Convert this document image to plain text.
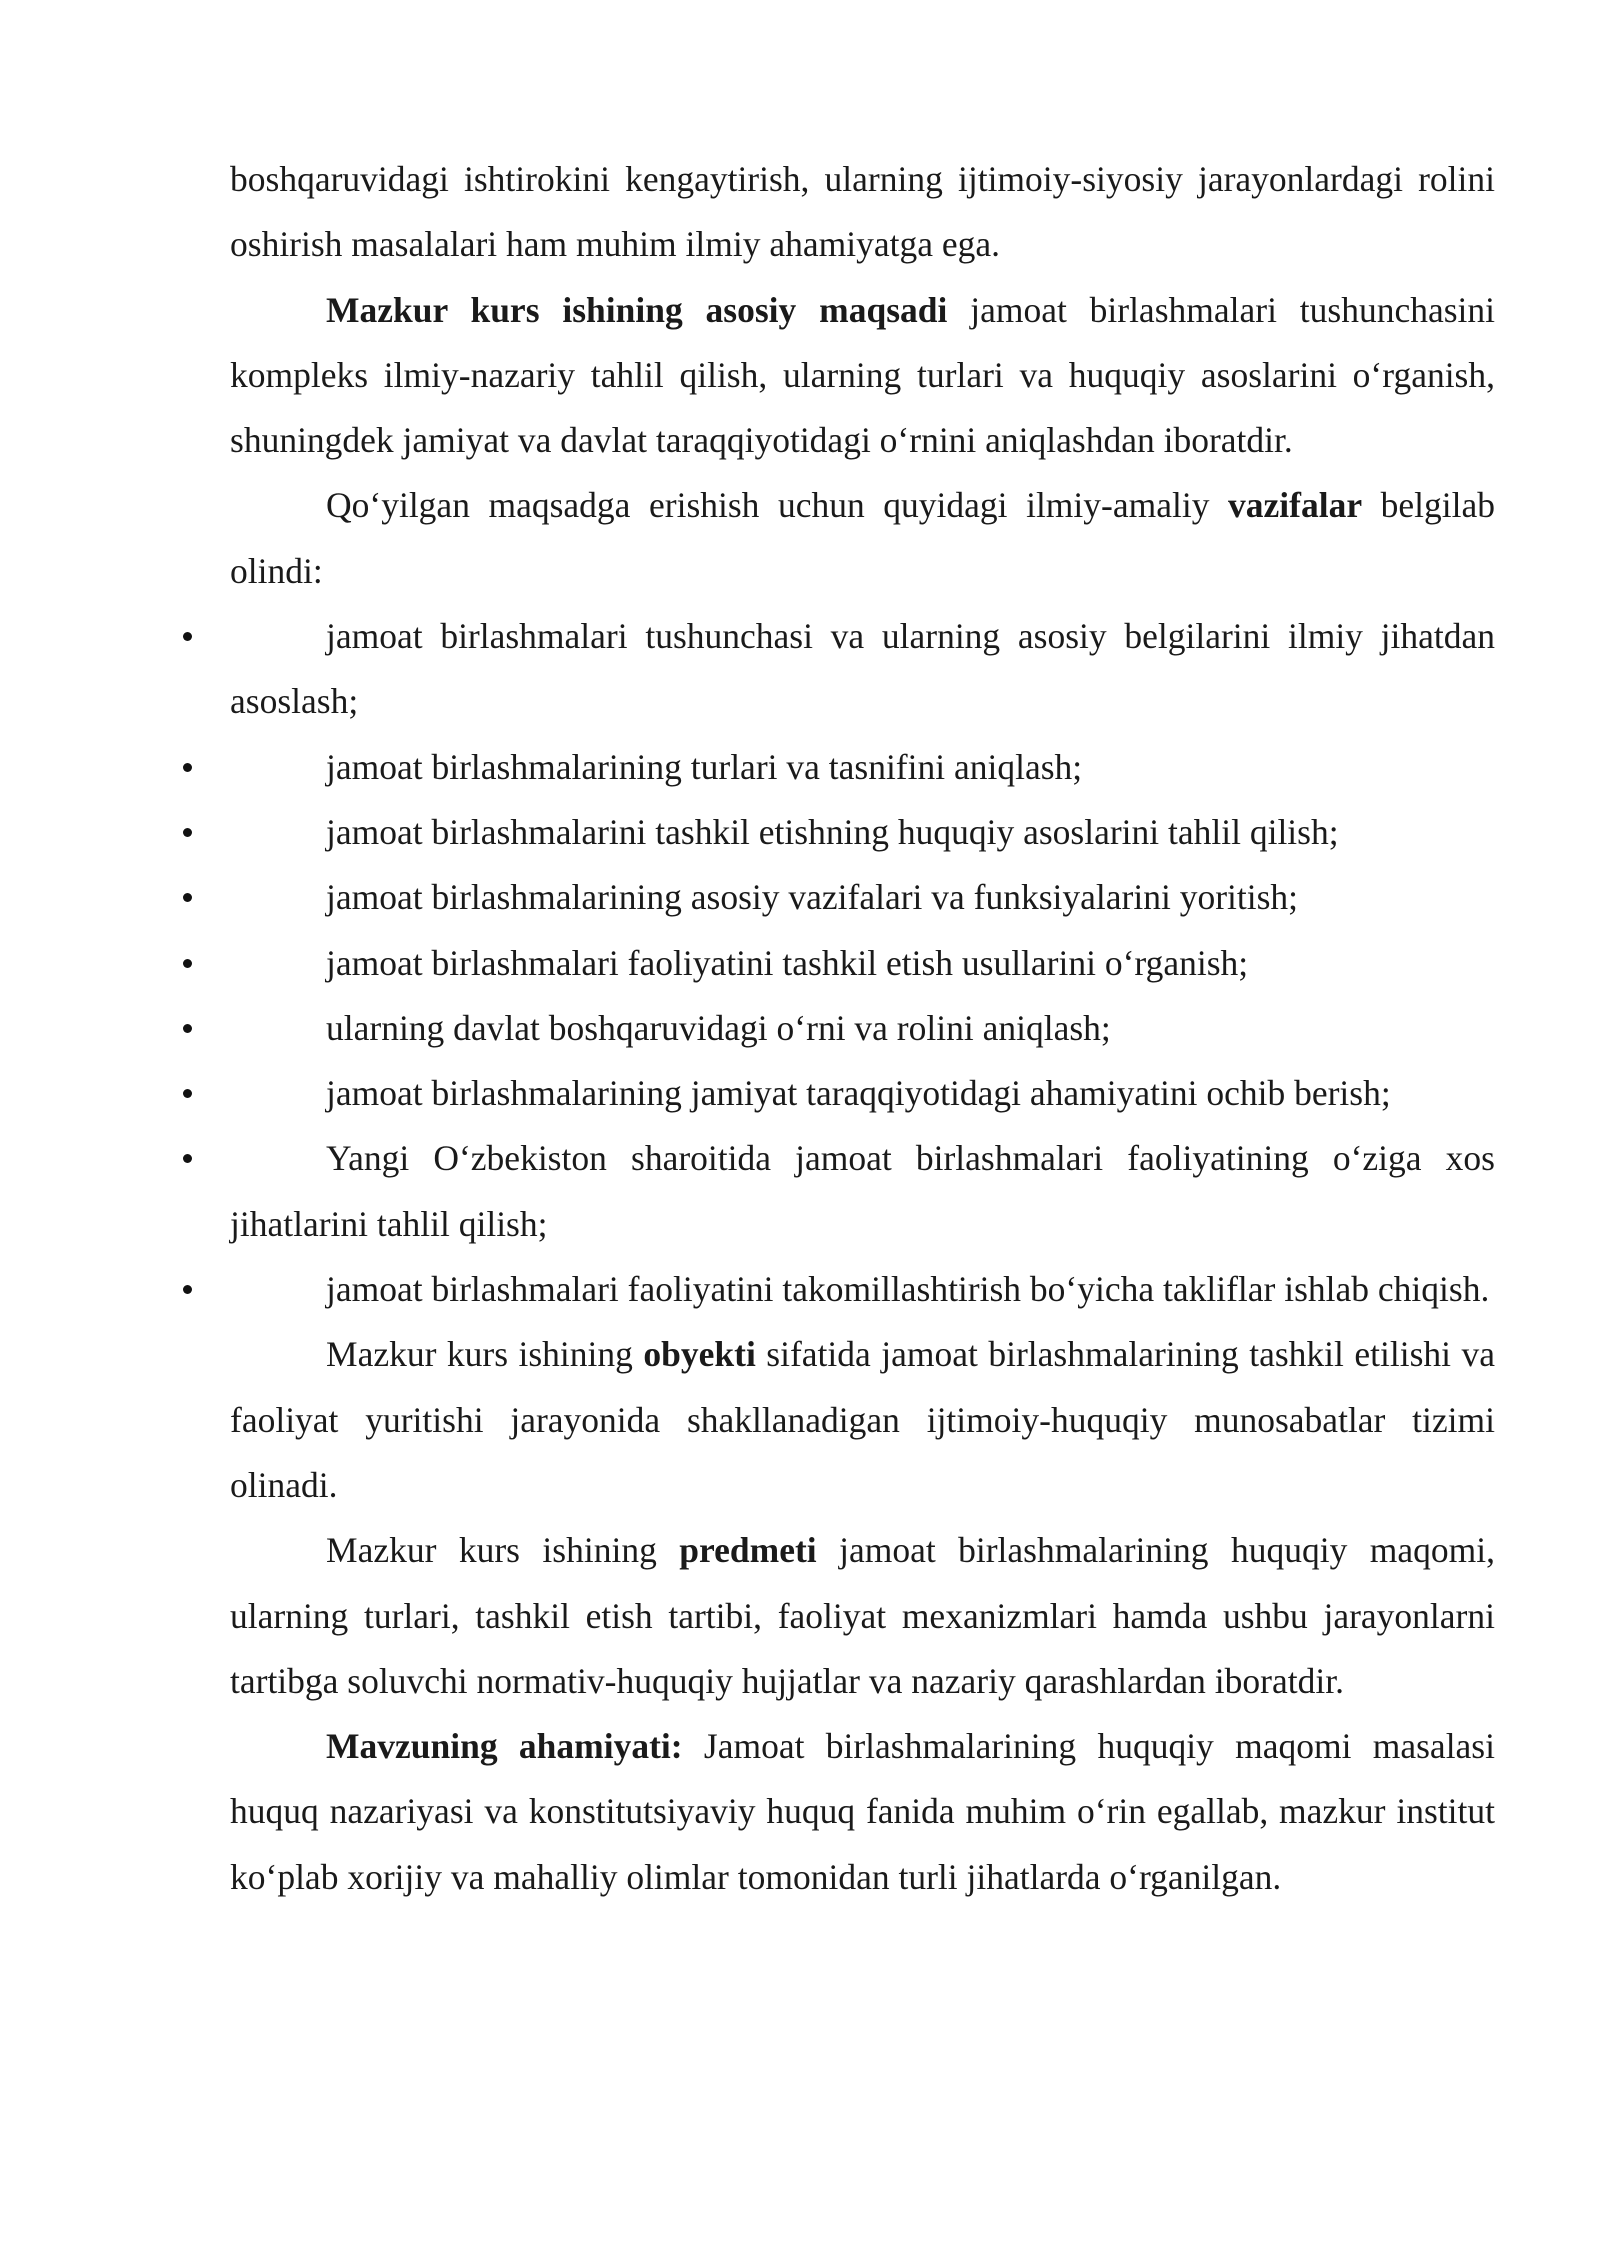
boshqaruvidagi ishtirokini kengaytirish, ularning ijtimoiy-siyosiy jarayonlardagi rolini oshirish masalalari ham muhim ilmiy ahamiyatga ega.

Mazkur kurs ishining asosiy maqsadi jamoat birlashmalari tushunchasini kompleks ilmiy-nazariy tahlil qilish, ularning turlari va huquqiy asoslarini o‘rganish, shuningdek jamiyat va davlat taraqqiyotidagi o‘rnini aniqlashdan iboratdir.

Qo‘yilgan maqsadga erishish uchun quyidagi ilmiy-amaliy vazifalar belgilab olindi:

jamoat birlashmalari tushunchasi va ularning asosiy belgilarini ilmiy jihatdan asoslash;
jamoat birlashmalarining turlari va tasnifini aniqlash;
jamoat birlashmalarini tashkil etishning huquqiy asoslarini tahlil qilish;
jamoat birlashmalarining asosiy vazifalari va funksiyalarini yoritish;
jamoat birlashmalari faoliyatini tashkil etish usullarini o‘rganish;
ularning davlat boshqaruvidagi o‘rni va rolini aniqlash;
jamoat birlashmalarining jamiyat taraqqiyotidagi ahamiyatini ochib berish;
Yangi O‘zbekiston sharoitida jamoat birlashmalari faoliyatining o‘ziga xos jihatlarini tahlil qilish;
jamoat birlashmalari faoliyatini takomillashtirish bo‘yicha takliflar ishlab chiqish.

Mazkur kurs ishining obyekti sifatida jamoat birlashmalarining tashkil etilishi va faoliyat yuritishi jarayonida shakllanadigan ijtimoiy-huquqiy munosabatlar tizimi olinadi.

Mazkur kurs ishining predmeti jamoat birlashmalarining huquqiy maqomi, ularning turlari, tashkil etish tartibi, faoliyat mexanizmlari hamda ushbu jarayonlarni tartibga soluvchi normativ-huquqiy hujjatlar va nazariy qarashlardan iboratdir.

Mavzuning ahamiyati: Jamoat birlashmalarining huquqiy maqomi masalasi huquq nazariyasi va konstitutsiyaviy huquq fanida muhim o‘rin egallab, mazkur institut ko‘plab xorijiy va mahalliy olimlar tomonidan turli jihatlarda o‘rganilgan.
